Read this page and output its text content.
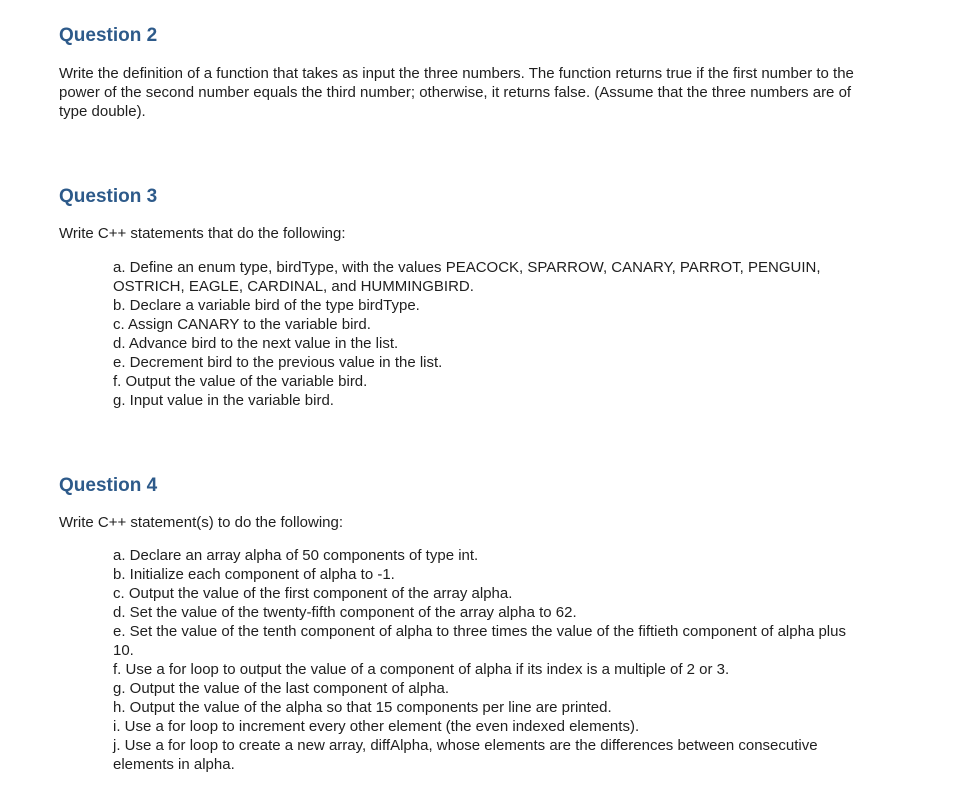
Question 2

Write the definition of a function that takes as input the three numbers. The function returns true if the first number to the power of the second number equals the third number; otherwise, it returns false. (Assume that the three numbers are of type double).

Question 3

Write C++ statements that do the following:

a. Define an enum type, birdType, with the values PEACOCK, SPARROW, CANARY, PARROT, PENGUIN, OSTRICH, EAGLE, CARDINAL, and HUMMINGBIRD.
b. Declare a variable bird of the type birdType.
c. Assign CANARY to the variable bird.
d. Advance bird to the next value in the list.
e. Decrement bird to the previous value in the list.
f. Output the value of the variable bird.
g. Input value in the variable bird.
Question 4

Write C++ statement(s) to do the following:

a. Declare an array alpha of 50 components of type int.
b. Initialize each component of alpha to -1.
c. Output the value of the first component of the array alpha.
d. Set the value of the twenty-fifth component of the array alpha to 62.
e. Set the value of the tenth component of alpha to three times the value of the fiftieth component of alpha plus 10.
f. Use a for loop to output the value of a component of alpha if its index is a multiple of 2 or 3.
g. Output the value of the last component of alpha.
h. Output the value of the alpha so that 15 components per line are printed.
i. Use a for loop to increment every other element (the even indexed elements).
j. Use a for loop to create a new array, diffAlpha, whose elements are the differences between consecutive elements in alpha.
